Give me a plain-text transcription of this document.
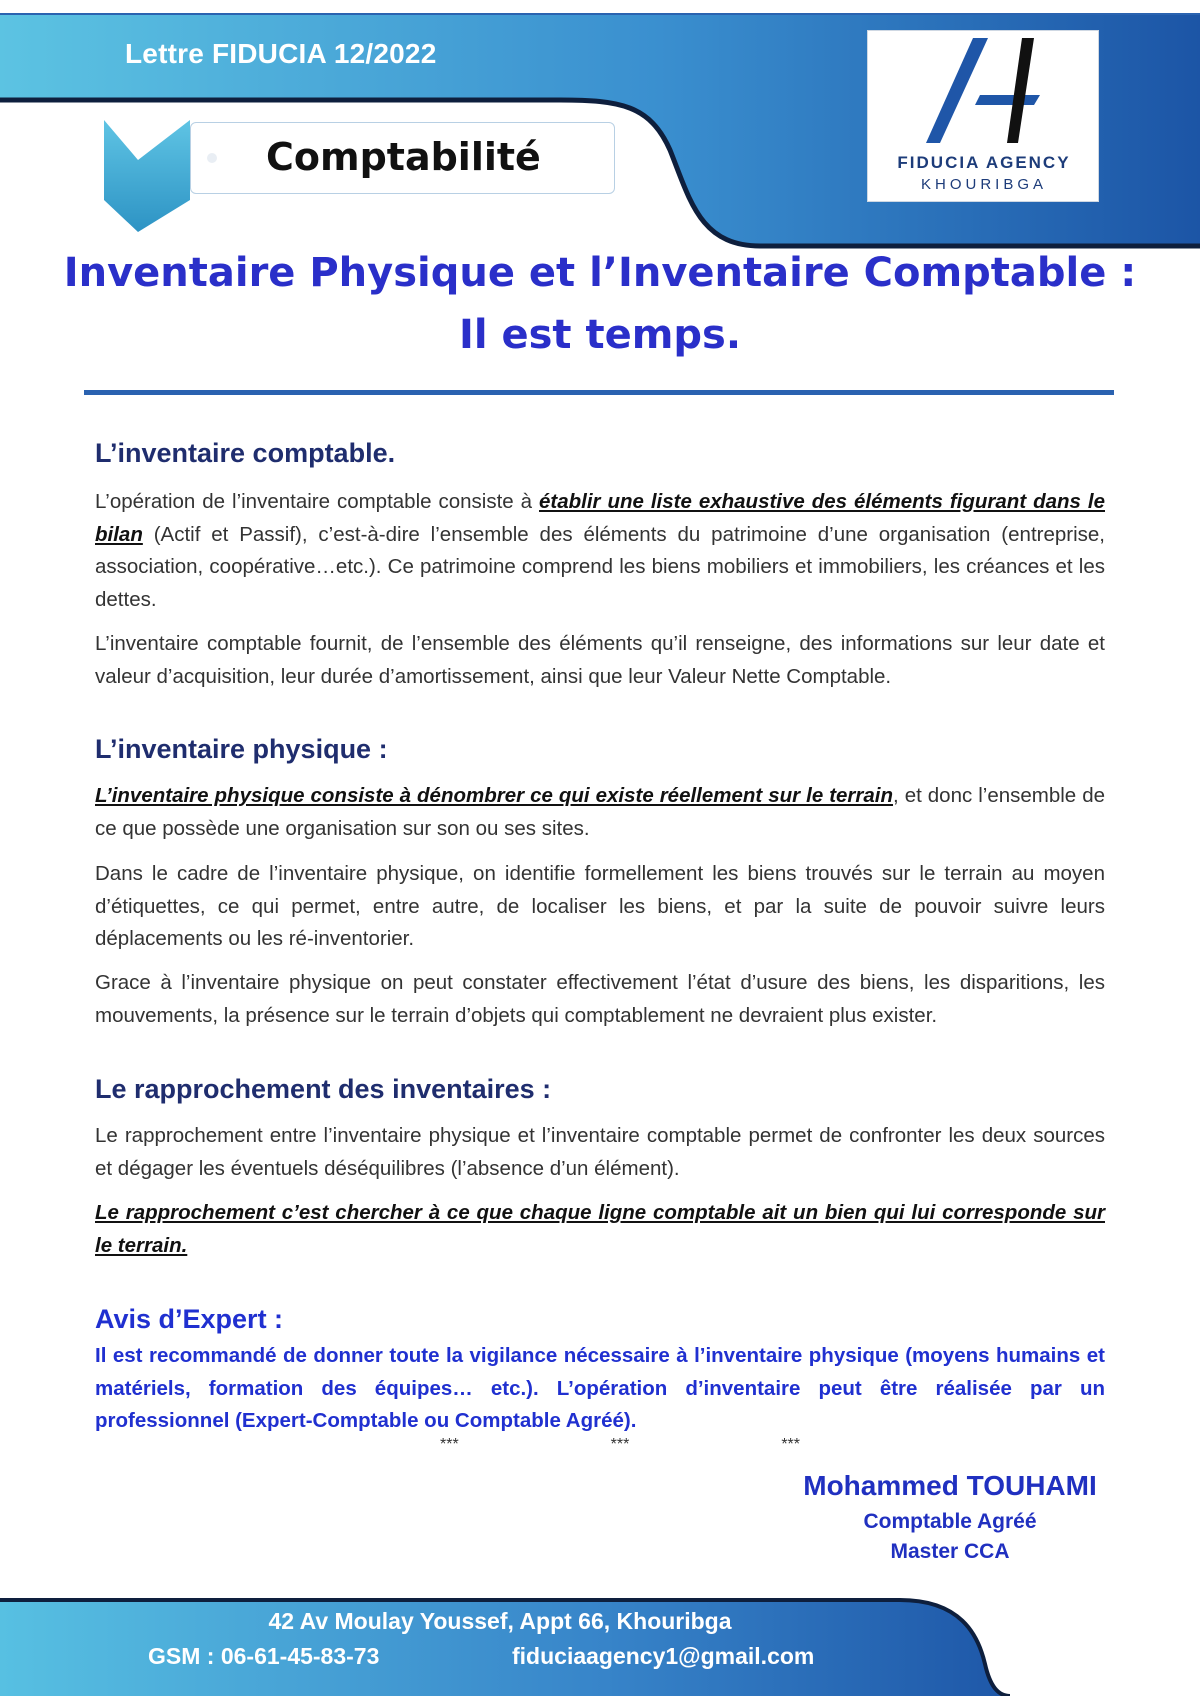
Lettre FIDUCIA 12/2022
Comptabilité	FIDUCIA AGENCY
KHOURIBGA
Inventaire Physique et l’Inventaire Comptable :
Il est temps.
L’inventaire comptable.
L’opération de l’inventaire comptable consiste à établir une liste exhaustive des éléments figurant dans le bilan (Actif et Passif), c’est-à-dire l’ensemble des éléments du patrimoine d’une organisation (entreprise, association, coopérative…etc.). Ce patrimoine comprend les biens mobiliers et immobiliers, les créances et les dettes.
L’inventaire comptable fournit, de l’ensemble des éléments qu’il renseigne, des informations sur leur date et valeur d’acquisition, leur durée d’amortissement, ainsi que leur Valeur Nette Comptable.
L’inventaire physique :
L’inventaire physique consiste à dénombrer ce qui existe réellement sur le terrain, et donc l’ensemble de ce que possède une organisation sur son ou ses sites.
Dans le cadre de l’inventaire physique, on identifie formellement les biens trouvés sur le terrain au moyen d’étiquettes, ce qui permet, entre autre, de localiser les biens, et par la suite de pouvoir suivre leurs déplacements ou les ré-inventorier.
Grace à l’inventaire physique on peut constater effectivement l’état d’usure des biens, les disparitions, les mouvements, la présence sur le terrain d’objets qui comptablement ne devraient plus exister.
Le rapprochement des inventaires :
Le rapprochement entre l’inventaire physique et l’inventaire comptable permet de confronter les deux sources et dégager les éventuels déséquilibres (l’absence d’un élément).
Le rapprochement c’est chercher à ce que chaque ligne comptable ait un bien qui lui corresponde sur le terrain.
Avis d’Expert :
Il est recommandé de donner toute la vigilance nécessaire à l’inventaire physique (moyens humains et matériels, formation des équipes… etc.). L’opération d’inventaire peut être réalisée par un professionnel (Expert-Comptable ou Comptable Agréé).
***	***	***
Mohammed TOUHAMI
Comptable Agréé
Master CCA
42 Av Moulay Youssef, Appt 66, Khouribga
GSM : 06-61-45-83-73	fiduciaagency1@gmail.com
